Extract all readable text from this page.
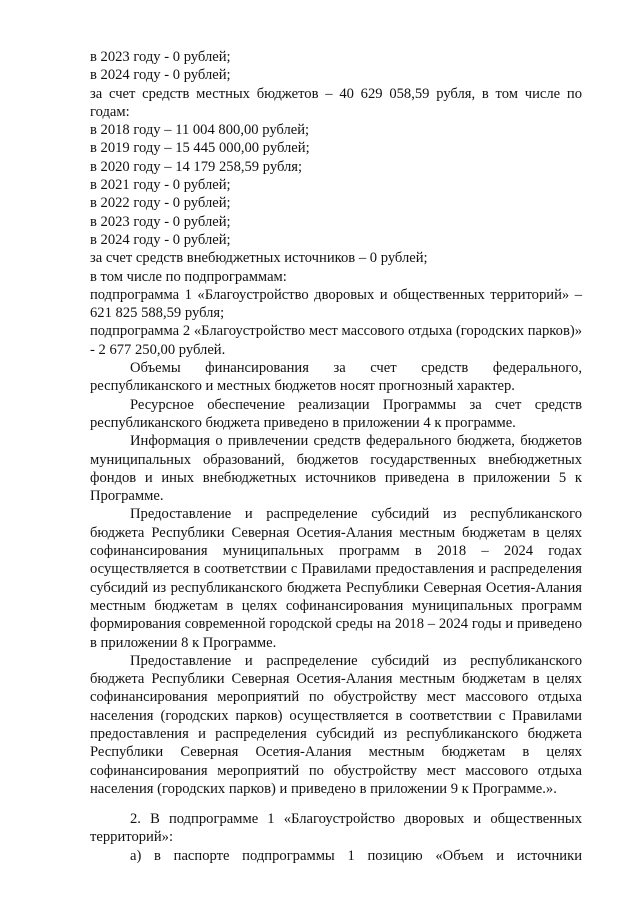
в 2023 году - 0 рублей;
в 2024 году - 0 рублей;
за счет средств местных бюджетов – 40 629 058,59 рубля, в том числе по годам:
в 2018 году – 11 004 800,00 рублей;
в 2019 году – 15 445 000,00 рублей;
в 2020 году – 14 179 258,59 рубля;
в 2021 году - 0 рублей;
в 2022 году - 0 рублей;
в 2023 году - 0 рублей;
в 2024 году - 0 рублей;
за счет средств внебюджетных источников – 0 рублей;
в том числе по подпрограммам:
подпрограмма 1 «Благоустройство дворовых и общественных территорий» – 621 825 588,59 рубля;
подпрограмма 2 «Благоустройство мест массового отдыха (городских парков)» - 2 677 250,00 рублей.
Объемы финансирования за счет средств федерального, республиканского и местных бюджетов носят прогнозный характер.
Ресурсное обеспечение реализации Программы за счет средств республиканского бюджета приведено в приложении 4 к программе.
Информация о привлечении средств федерального бюджета, бюджетов муниципальных образований, бюджетов государственных внебюджетных фондов и иных внебюджетных источников приведена в приложении 5 к Программе.
Предоставление и распределение субсидий из республиканского бюджета Республики Северная Осетия-Алания местным бюджетам в целях софинансирования муниципальных программ в 2018 – 2024 годах осуществляется в соответствии с Правилами предоставления и распределения субсидий из республиканского бюджета Республики Северная Осетия-Алания местным бюджетам в целях софинансирования муниципальных программ формирования современной городской среды на 2018 – 2024 годы и приведено в приложении 8 к Программе.
Предоставление и распределение субсидий из республиканского бюджета Республики Северная Осетия-Алания местным бюджетам в целях софинансирования мероприятий по обустройству мест массового отдыха населения (городских парков) осуществляется в соответствии с Правилами предоставления и распределения субсидий из республиканского бюджета Республики Северная Осетия-Алания местным бюджетам в целях софинансирования мероприятий по обустройству мест массового отдыха населения (городских парков) и приведено в приложении 9 к Программе.».
2. В подпрограмме 1 «Благоустройство дворовых и общественных территорий»:
а) в паспорте подпрограммы 1 позицию «Объем и источники
